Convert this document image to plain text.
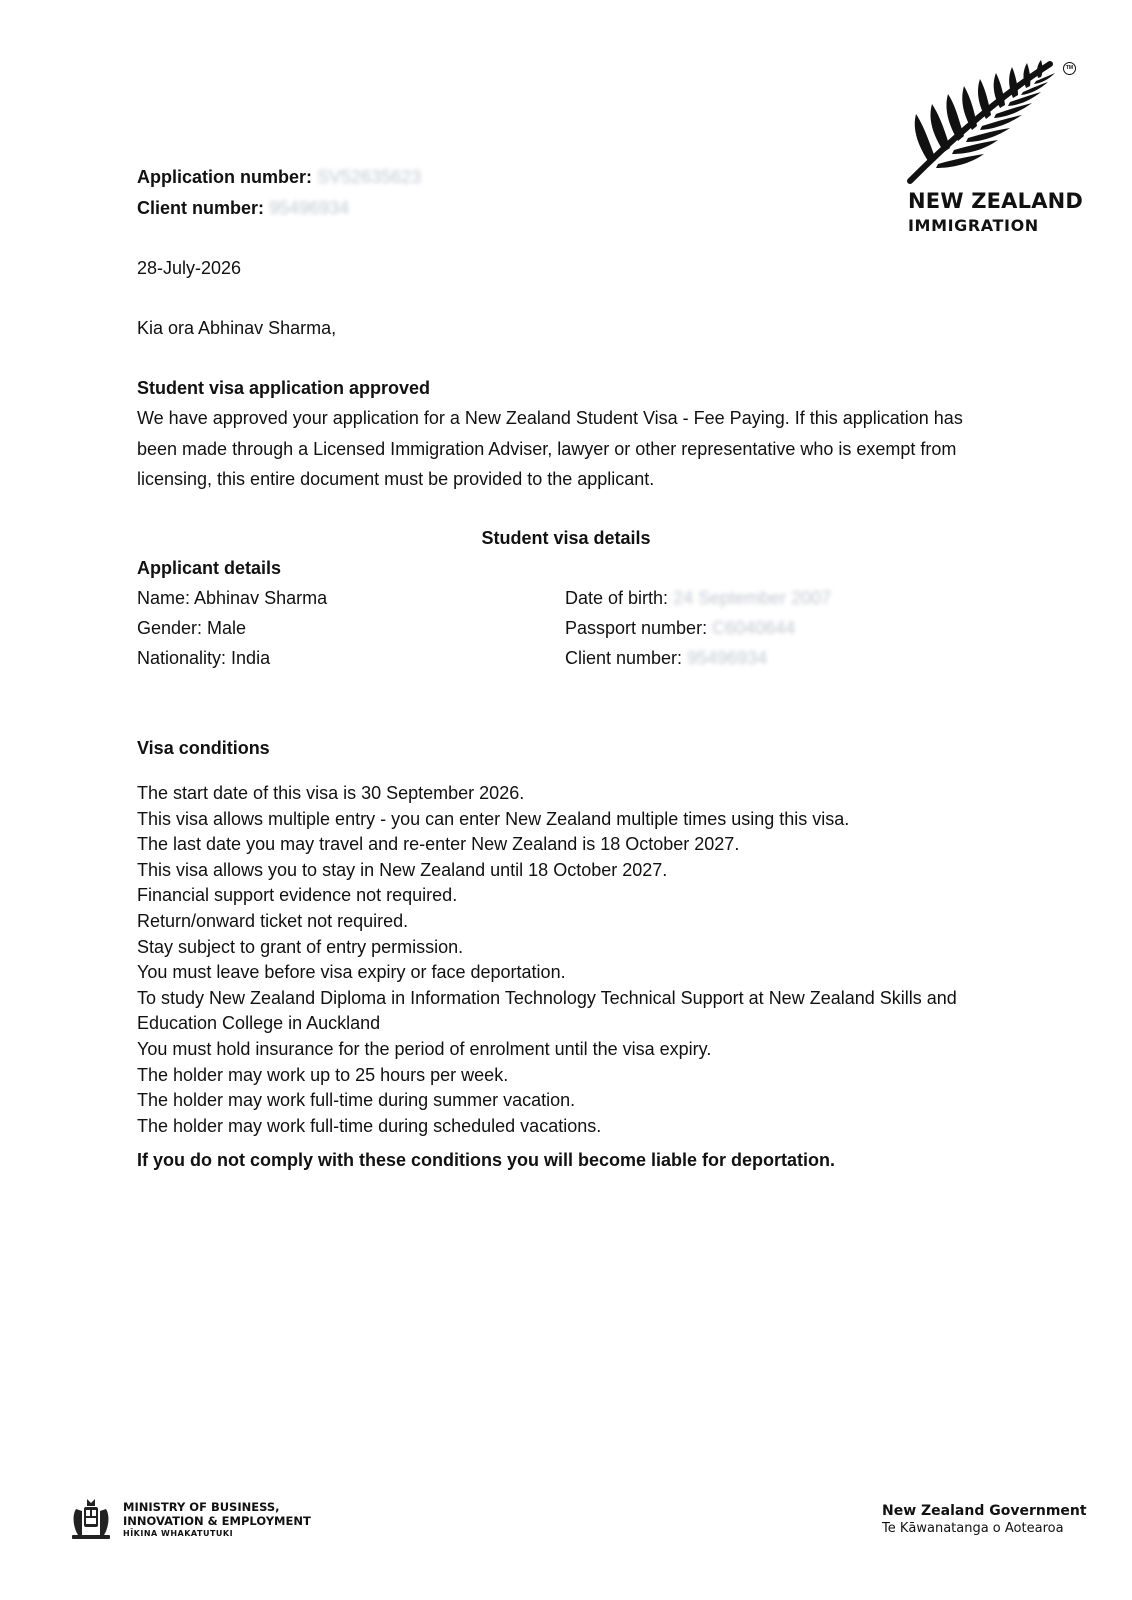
TM
NEW ZEALAND
IMMIGRATION
Application number: SV52635623
Client number: 95496934
28-July-2026
Kia ora Abhinav Sharma,
Student visa application approved
We have approved your application for a New Zealand Student Visa - Fee Paying. If this application has been made through a Licensed Immigration Adviser, lawyer or other representative who is exempt from licensing, this entire document must be provided to the applicant.
Student visa details
Applicant details
Name: Abhinav Sharma
Gender: Male
Nationality: India
Date of birth: 24 September 2007
Passport number: C6040644
Client number: 95496934
Visa conditions
The start date of this visa is 30 September 2026.
This visa allows multiple entry - you can enter New Zealand multiple times using this visa.
The last date you may travel and re-enter New Zealand is 18 October 2027.
This visa allows you to stay in New Zealand until 18 October 2027.
Financial support evidence not required.
Return/onward ticket not required.
Stay subject to grant of entry permission.
You must leave before visa expiry or face deportation.
To study New Zealand Diploma in Information Technology Technical Support at New Zealand Skills and Education College in Auckland
You must hold insurance for the period of enrolment until the visa expiry.
The holder may work up to 25 hours per week.
The holder may work full-time during summer vacation.
The holder may work full-time during scheduled vacations.
If you do not comply with these conditions you will become liable for deportation.
MINISTRY OF BUSINESS,
INNOVATION & EMPLOYMENT
HĪKINA WHAKATUTUKI
New Zealand Government
Te Kāwanatanga o Aotearoa
